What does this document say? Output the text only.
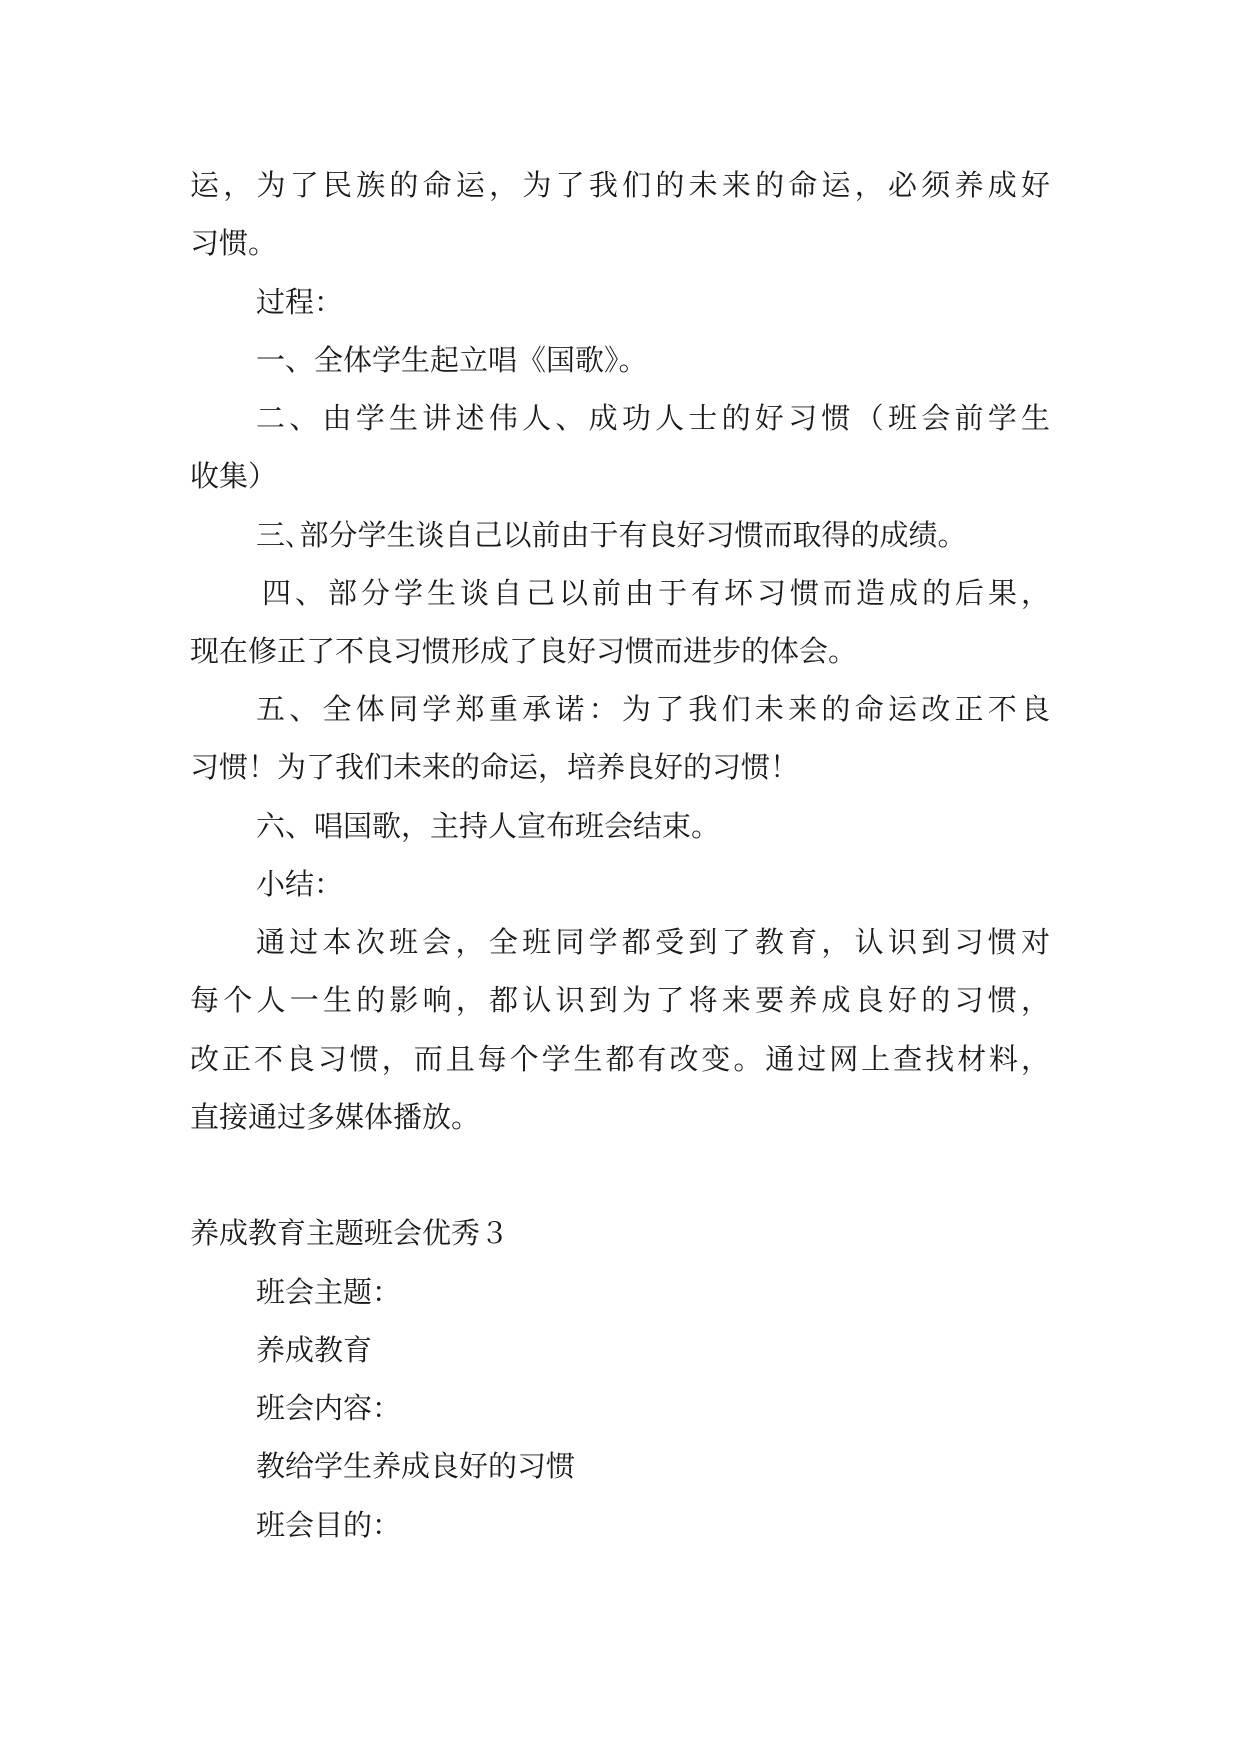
运，为了民族的命运，为了我们的未来的命运，必须养成好
习惯。
过程：
一、全体学生起立唱《国歌》。
二、由学生讲述伟人、成功人士的好习惯（班会前学生
收集）
三､部分学生谈自己以前由于有良好习惯而取得的成绩。
四、部分学生谈自己以前由于有坏习惯而造成的后果，
现在修正了不良习惯形成了良好习惯而进步的体会。
五、全体同学郑重承诺：为了我们未来的命运改正不良
习惯！为了我们未来的命运，培养良好的习惯！
六、唱国歌，主持人宣布班会结束。
小结：
通过本次班会，全班同学都受到了教育，认识到习惯对
每个人一生的影响，都认识到为了将来要养成良好的习惯，
改正不良习惯，而且每个学生都有改变。通过网上查找材料，
直接通过多媒体播放。
养成教育主题班会优秀３
班会主题：
养成教育
班会内容：
教给学生养成良好的习惯
班会目的：
